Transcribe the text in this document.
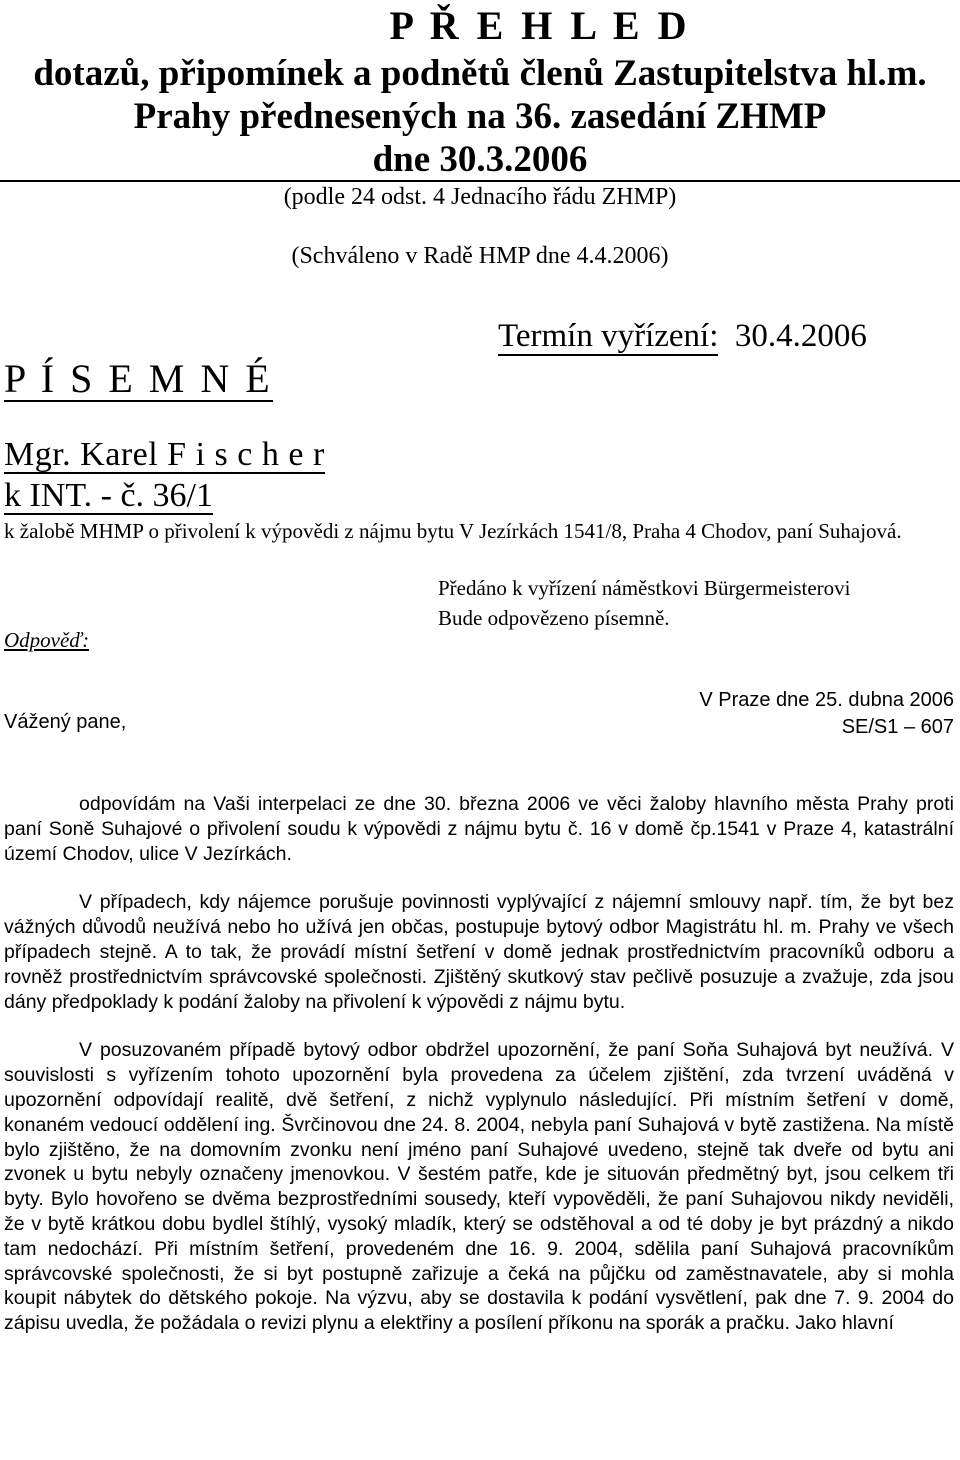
P Ř E H L E D
dotazů, připomínek a podnětů členů Zastupitelstva hl.m.
Prahy přednesených na 36. zasedání ZHMP
dne 30.3.2006
(podle 24 odst. 4 Jednacího řádu ZHMP)
(Schváleno v Radě HMP dne 4.4.2006)
P Í S E M N É
Termín vyřízení: 30.4.2006
Mgr. Karel F i s c h e r
k INT. - č. 36/1
k žalobě MHMP o přivolení k výpovědi z nájmu bytu V Jezírkách 1541/8, Praha 4 Chodov, paní Suhajová.
Předáno k vyřízení náměstkovi Bürgermeisterovi
Bude odpovězeno písemně.
Odpověď:
V Praze dne 25. dubna 2006
SE/S1 – 607
Vážený pane,

odpovídám na Vaši interpelaci ze dne 30. března 2006 ve věci žaloby hlavního města Prahy proti paní Soně Suhajové o přivolení soudu k výpovědi z nájmu bytu č. 16 v domě čp.1541 v Praze 4, katastrální území Chodov, ulice V Jezírkách.

V případech, kdy nájemce porušuje povinnosti vyplývající z nájemní smlouvy např. tím, že byt bez vážných důvodů neužívá nebo ho užívá jen občas, postupuje bytový odbor Magistrátu hl. m. Prahy ve všech případech stejně. A to tak, že provádí místní šetření v domě jednak prostřednictvím pracovníků odboru a rovněž prostřednictvím správcovské společnosti. Zjištěný skutkový stav pečlivě posuzuje a zvažuje, zda jsou dány předpoklady k podání žaloby na přivolení k výpovědi z nájmu bytu.

V posuzovaném případě bytový odbor obdržel upozornění, že paní Soňa Suhajová byt neužívá. V souvislosti s vyřízením tohoto upozornění byla provedena za účelem zjištění, zda tvrzení uváděná v upozornění odpovídají realitě, dvě šetření, z nichž vyplynulo následující. Při místním šetření v domě, konaném vedoucí oddělení ing. Švrčinovou dne 24. 8. 2004, nebyla paní Suhajová v bytě zastižena. Na místě bylo zjištěno, že na domovním zvonku není jméno paní Suhajové uvedeno, stejně tak dveře od bytu ani zvonek u bytu nebyly označeny jmenovkou. V šestém patře, kde je situován předmětný byt, jsou celkem tři byty. Bylo hovořeno se dvěma bezprostředními sousedy, kteří vypověděli, že paní Suhajovou nikdy neviděli, že v bytě krátkou dobu bydlel štíhlý, vysoký mladík, který se odstěhoval a od té doby je byt prázdný a nikdo tam nedochází. Při místním šetření, provedeném dne 16. 9. 2004, sdělila paní Suhajová pracovníkům správcovské společnosti, že si byt postupně zařizuje a čeká na půjčku od zaměstnavatele, aby si mohla koupit nábytek do dětského pokoje. Na výzvu, aby se dostavila k podání vysvětlení, pak dne 7. 9. 2004 do zápisu uvedla, že požádala o revizi plynu a elektřiny a posílení příkonu na sporák a pračku. Jako hlavní
